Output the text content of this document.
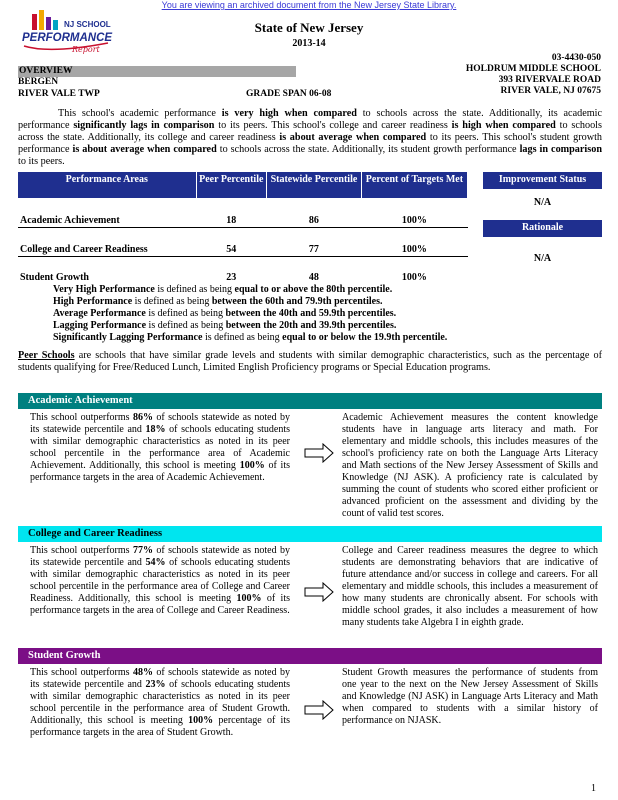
You are viewing an archived document from the New Jersey State Library.
NJ SCHOOL
PERFORMANCE
Report
State of New Jersey
2013-14
03-4430-050
HOLDRUM MIDDLE SCHOOL
393 RIVERVALE ROAD
RIVER VALE, NJ 07675
OVERVIEW
BERGEN
RIVER VALE TWP	GRADE SPAN 06-08

This school's academic performance is very high when compared to schools across the state. Additionally, its academic performance significantly lags in comparison to its peers. This school's college and career readiness is high when compared to schools across the state. Additionally, its college and career readiness is about average when compared to its peers. This school's student growth performance is about average when compared to schools across the state. Additionally, its student growth performance lags in comparison to its peers.

Performance Areas	Peer Percentile	Statewide Percentile	Percent of Targets Met
Academic Achievement	18	86	100%
College and Career Readiness	54	77	100%
Student Growth	23	48	100%
Improvement Status
N/A
Rationale
N/A
Very High Performance is defined as being equal to or above the 80th percentile.
High Performance is defined as being between the 60th and 79.9th percentiles.
Average Performance is defined as being between the 40th and 59.9th percentiles.
Lagging Performance is defined as being between the 20th and 39.9th percentiles.
Significantly Lagging Performance is defined as being equal to or below the 19.9th percentile.

Peer Schools are schools that have similar grade levels and students with similar demographic characteristics, such as the percentage of students qualifying for Free/Reduced Lunch, Limited English Proficiency programs or Special Education programs.

Academic Achievement

This school outperforms 86% of schools statewide as noted by its statewide percentile and 18% of schools educating students with similar demographic characteristics as noted in its peer school percentile in the performance area of Academic Achievement. Additionally, this school is meeting 100% of its performance targets in the area of Academic Achievement.

Academic Achievement measures the content knowledge students have in language arts literacy and math. For elementary and middle schools, this includes measures of the school's proficiency rate on both the Language Arts Literacy and Math sections of the New Jersey Assessment of Skills and Knowledge (NJ ASK). A proficiency rate is calculated by summing the count of students who scored either proficient or advanced proficient on the assessment and dividing by the count of valid test scores.

College and Career Readiness

This school outperforms 77% of schools statewide as noted by its statewide percentile and 54% of schools educating students with similar demographic characteristics as noted in its peer school percentile in the performance area of College and Career Readiness. Additionally, this school is meeting 100% of its performance targets in the area of College and Career Readiness.

College and Career readiness measures the degree to which students are demonstrating behaviors that are indicative of future attendance and/or success in college and careers. For all elementary and middle schools, this includes a measurement of how many students are chronically absent. For schools with middle school grades, it also includes a measurement of how many students take Algebra I in eighth grade.

Student Growth

This school outperforms 48% of schools statewide as noted by its statewide percentile and 23% of schools educating students with similar demographic characteristics as noted in its peer school percentile in the performance area of Student Growth. Additionally, this school is meeting 100% percentage of its performance targets in the area of Student Growth.

Student Growth measures the performance of students from one year to the next on the New Jersey Assessment of Skills and Knowledge (NJ ASK) in Language Arts Literacy and Math when compared to students with a similar history of performance on NJASK.

1
